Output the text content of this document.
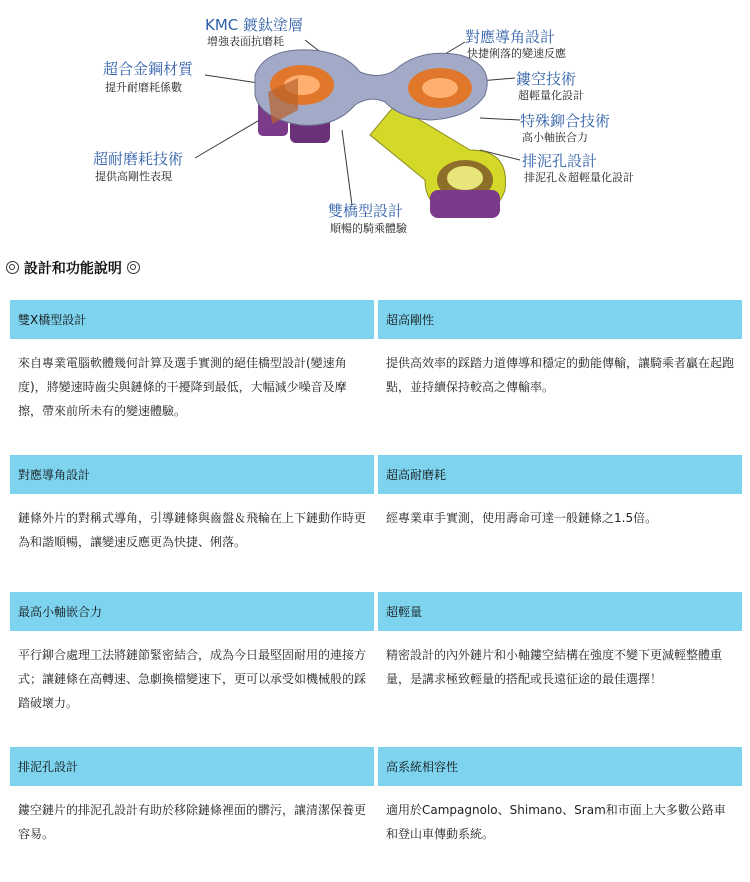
KMC 鍍鈦塗層
增強表面抗磨耗	對應導角設計
快捷俐落的變速反應
超合金鋼材質
提升耐磨耗係數	鏤空技術
超輕量化設計
特殊鉚合技術
高小軸嵌合力
超耐磨耗技術
提供高剛性表現
排泥孔設計
排泥孔＆超輕量化設計
雙橋型設計
順暢的騎乘體驗
設計和功能說明
雙X橋型設計	超高剛性
來自專業電腦軟體幾何計算及選手實測的絕佳橋型設計(變速角度)，將變速時齒尖與鏈條的干擾降到最低，大幅減少噪音及摩擦，帶來前所未有的變速體驗。	提供高效率的踩踏力道傳導和穩定的動能傳輸，讓騎乘者贏在起跑點，並持續保持較高之傳輸率。
對應導角設計	超高耐磨耗
鏈條外片的對稱式導角，引導鏈條與齒盤＆飛輪在上下鏈動作時更為和諧順暢，讓變速反應更為快捷、俐落。	經專業車手實測，使用壽命可達一般鏈條之1.5倍。
最高小軸嵌合力	超輕量
平行鉚合處理工法將鏈節緊密結合，成為今日最堅固耐用的連接方式；讓鏈條在高轉速、急劇換檔變速下，更可以承受如機械般的踩踏破壞力。	精密設計的內外鏈片和小軸鏤空結構在強度不變下更減輕整體重量，是講求極致輕量的搭配或長遠征途的最佳選擇！
排泥孔設計	高系統相容性
鏤空鏈片的排泥孔設計有助於移除鏈條裡面的髒污，讓清潔保養更容易。	適用於Campagnolo、Shimano、Sram和市面上大多數公路車和登山車傳動系統。
